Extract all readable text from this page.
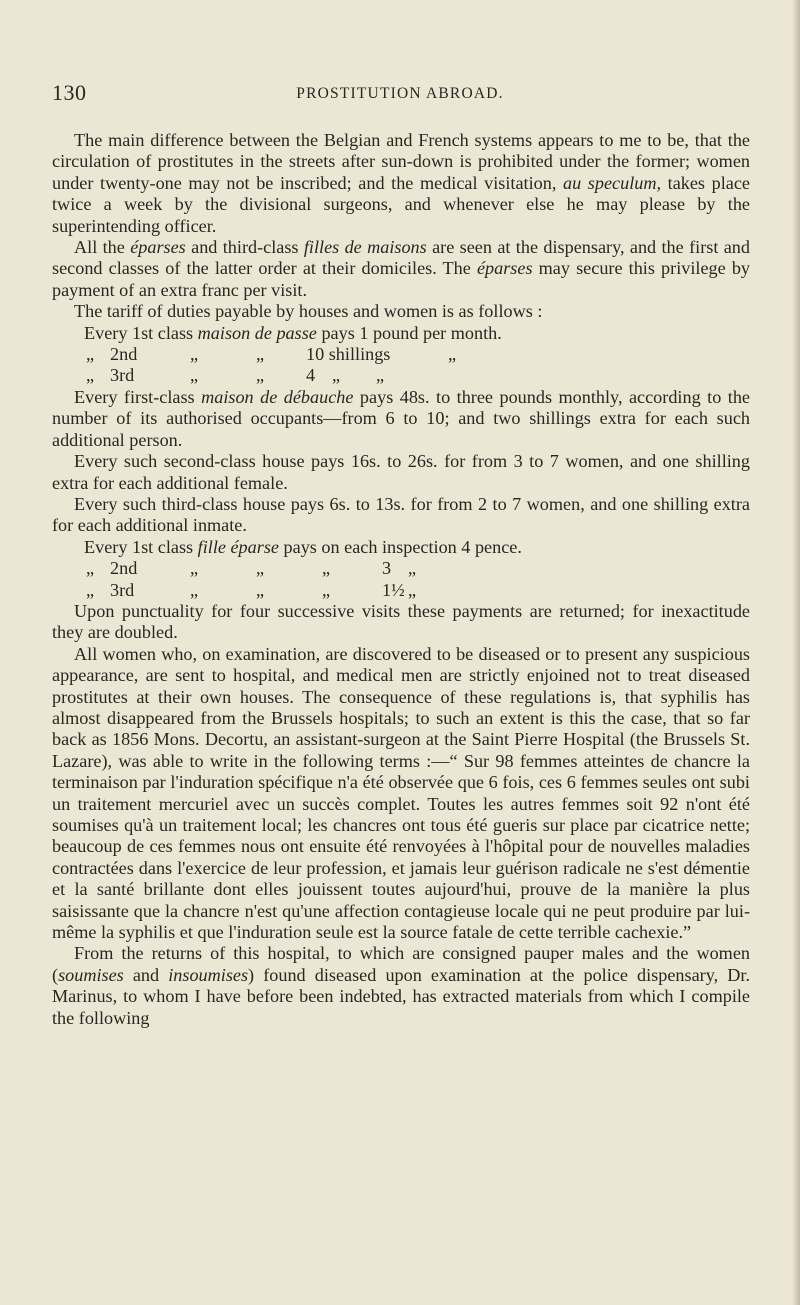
130	PROSTITUTION ABROAD.

The main difference between the Belgian and French systems appears to me to be, that the circulation of prostitutes in the streets after sun-down is prohibited under the former; women under twenty-one may not be inscribed; and the medical visitation, au speculum, takes place twice a week by the divisional surgeons, and whenever else he may please by the superintending officer.

All the éparses and third-class filles de maisons are seen at the dispensary, and the first and second classes of the latter order at their domiciles. The éparses may secure this privilege by payment of an extra franc per visit.

The tariff of duties payable by houses and women is as follows :

Every 1st class maison de passe pays 1 pound per month.
„ 2nd	„	„	10 shillings	„
„ 3rd	„	„	4 „	„

Every first-class maison de débauche pays 48s. to three pounds monthly, according to the number of its authorised occupants—from 6 to 10; and two shillings extra for each such additional person.

Every such second-class house pays 16s. to 26s. for from 3 to 7 women, and one shilling extra for each additional female.

Every such third-class house pays 6s. to 13s. for from 2 to 7 women, and one shilling extra for each additional inmate.

Every 1st class fille éparse pays on each inspection 4 pence.
„ 2nd	„	„	„	3 „
„ 3rd	„	„	„	1½ „

Upon punctuality for four successive visits these payments are returned; for inexactitude they are doubled.

All women who, on examination, are discovered to be diseased or to present any suspicious appearance, are sent to hospital, and medical men are strictly enjoined not to treat diseased prostitutes at their own houses. The consequence of these regulations is, that syphilis has almost disappeared from the Brussels hospitals; to such an extent is this the case, that so far back as 1856 Mons. Decortu, an assistant-surgeon at the Saint Pierre Hospital (the Brussels St. Lazare), was able to write in the following terms :—“ Sur 98 femmes atteintes de chancre la terminaison par l'induration spécifique n'a été observée que 6 fois, ces 6 femmes seules ont subi un traitement mercuriel avec un succès complet. Toutes les autres femmes soit 92 n'ont été soumises qu'à un traitement local; les chancres ont tous été gueris sur place par cicatrice nette; beaucoup de ces femmes nous ont ensuite été renvoyées à l'hôpital pour de nouvelles maladies contractées dans l'exercice de leur profession, et jamais leur guérison radicale ne s'est démentie et la santé brillante dont elles jouissent toutes aujourd'hui, prouve de la manière la plus saisissante que la chancre n'est qu'une affection contagieuse locale qui ne peut produire par lui-même la syphilis et que l'induration seule est la source fatale de cette terrible cachexie.”

From the returns of this hospital, to which are consigned pauper males and the women (soumises and insoumises) found diseased upon examination at the police dispensary, Dr. Marinus, to whom I have before been indebted, has extracted materials from which I compile the following
